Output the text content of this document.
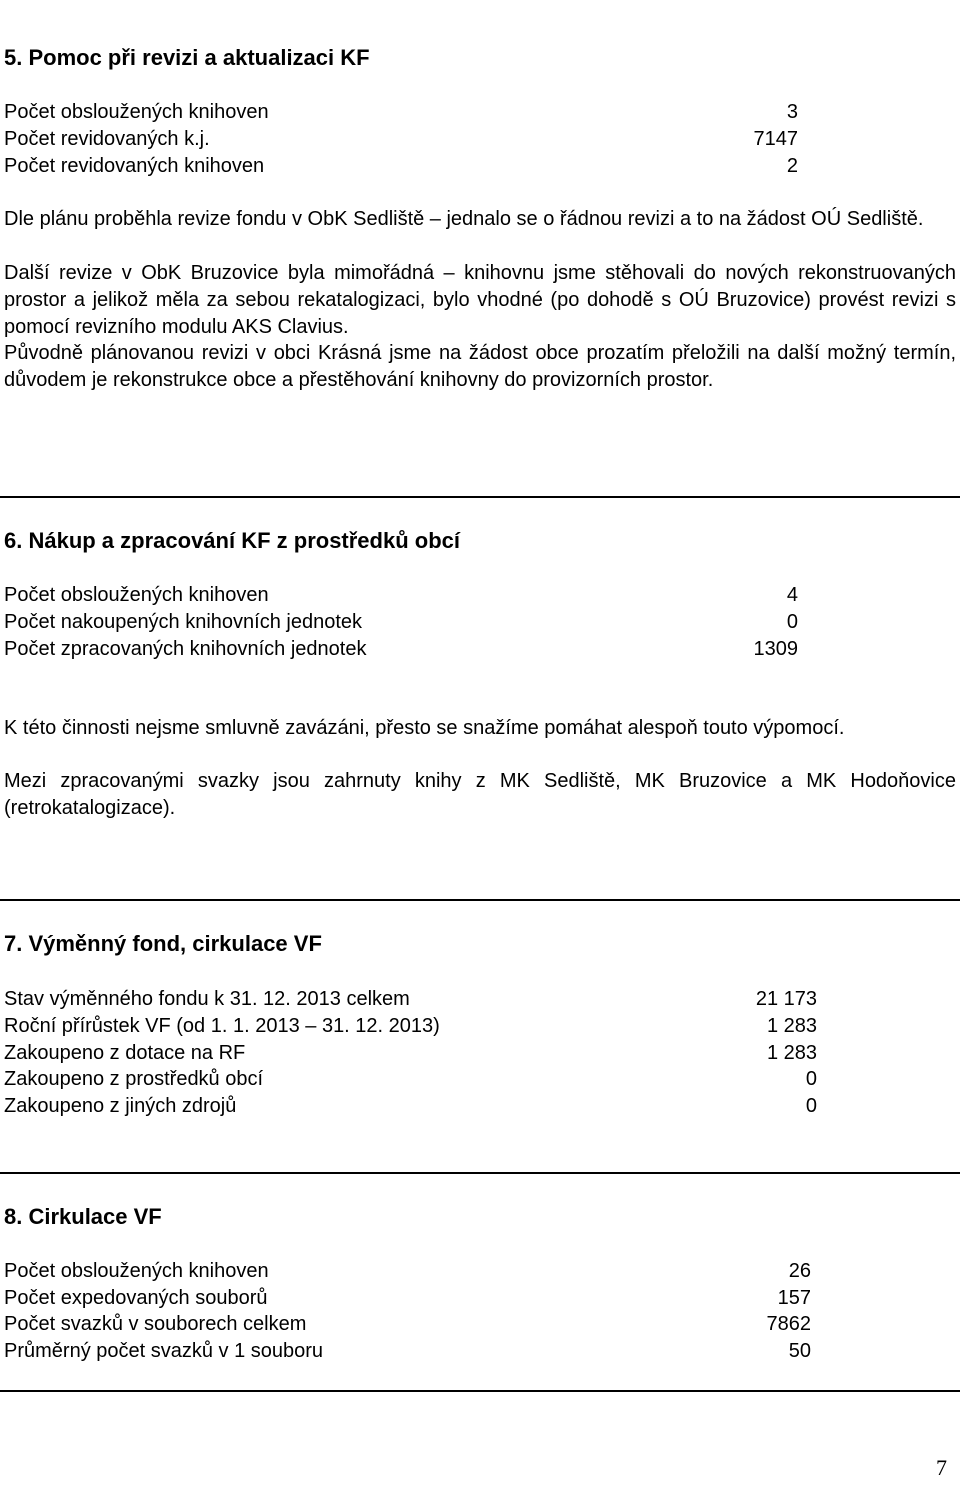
5. Pomoc při revizi a aktualizaci KF
Počet obsloužených knihoven	3
Počet revidovaných k.j.	7147
Počet revidovaných knihoven	2
Dle plánu proběhla revize fondu v ObK Sedliště – jednalo se o řádnou revizi a to na žádost OÚ Sedliště.
Další revize v ObK Bruzovice byla mimořádná – knihovnu jsme stěhovali do nových rekonstruovaných prostor a jelikož měla za sebou rekatalogizaci, bylo vhodné (po dohodě s OÚ Bruzovice) provést revizi s pomocí revizního modulu AKS Clavius.
Původně plánovanou revizi v obci Krásná jsme na žádost obce prozatím přeložili na další možný termín, důvodem je rekonstrukce obce a přestěhování knihovny do provizorních prostor.
6. Nákup a zpracování KF z prostředků obcí
Počet obsloužených knihoven	4
Počet nakoupených knihovních jednotek	0
Počet zpracovaných knihovních jednotek	1309
K této činnosti nejsme smluvně zavázáni, přesto se snažíme pomáhat alespoň touto výpomocí.
Mezi zpracovanými svazky jsou zahrnuty knihy z MK Sedliště, MK Bruzovice a MK Hodoňovice (retrokatalogizace).
7. Výměnný fond, cirkulace VF
Stav výměnného fondu k 31. 12. 2013 celkem	21 173
Roční přírůstek VF (od 1. 1. 2013 – 31. 12. 2013)	1 283
Zakoupeno z dotace na RF	1 283
Zakoupeno z prostředků obcí	0
Zakoupeno z jiných zdrojů	0
8. Cirkulace VF
Počet obsloužených knihoven	26
Počet expedovaných souborů	157
Počet svazků v souborech celkem	7862
Průměrný počet svazků v 1 souboru	50
7
